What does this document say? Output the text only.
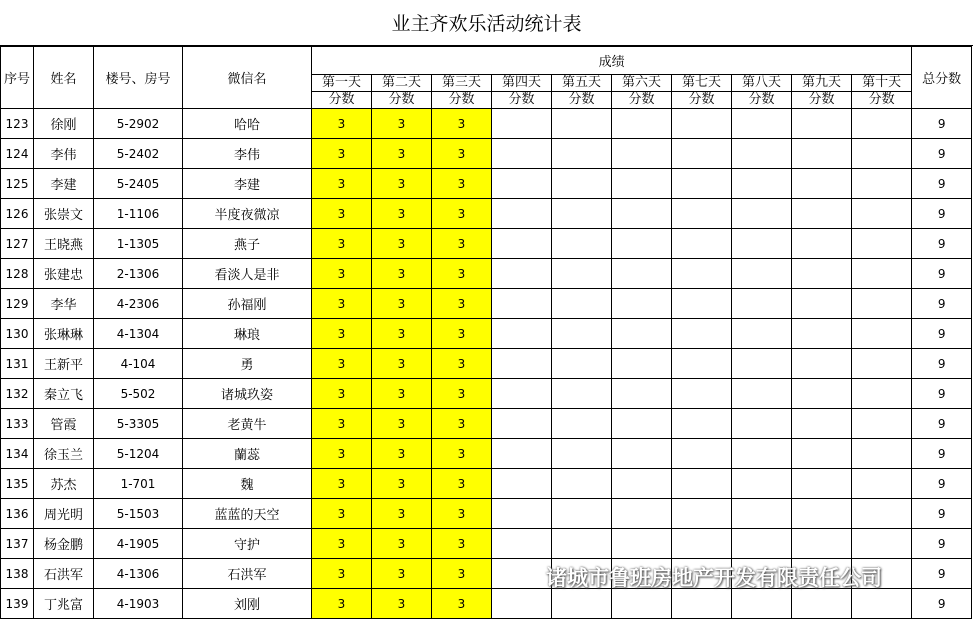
业主齐欢乐活动统计表
序号	姓名	楼号、房号	微信名	成绩										总分数
				第一天	第二天	第三天	第四天	第五天	第六天	第七天	第八天	第九天	第十天	
				分数	分数	分数	分数	分数	分数	分数	分数	分数	分数	
123	徐刚	5-2902	哈哈	3	3	3								9
124	李伟	5-2402	李伟	3	3	3								9
125	李建	5-2405	李建	3	3	3								9
126	张崇文	1-1106	半度夜微凉	3	3	3								9
127	王晓燕	1-1305	燕子	3	3	3								9
128	张建忠	2-1306	看淡人是非	3	3	3								9
129	李华	4-2306	孙福刚	3	3	3								9
130	张琳琳	4-1304	琳琅	3	3	3								9
131	王新平	4-104	勇	3	3	3								9
132	秦立飞	5-502	诸城玖姿	3	3	3								9
133	管霞	5-3305	老黄牛	3	3	3								9
134	徐玉兰	5-1204	蘭蕊	3	3	3								9
135	苏杰	1-701	魏	3	3	3								9
136	周光明	5-1503	蓝蓝的天空	3	3	3								9
137	杨金鹏	4-1905	守护	3	3	3								9
138	石洪军	4-1306	石洪军	3	3	3								9
139	丁兆富	4-1903	刘刚	3	3	3								9
诸城市鲁班房地产开发有限责任公司
